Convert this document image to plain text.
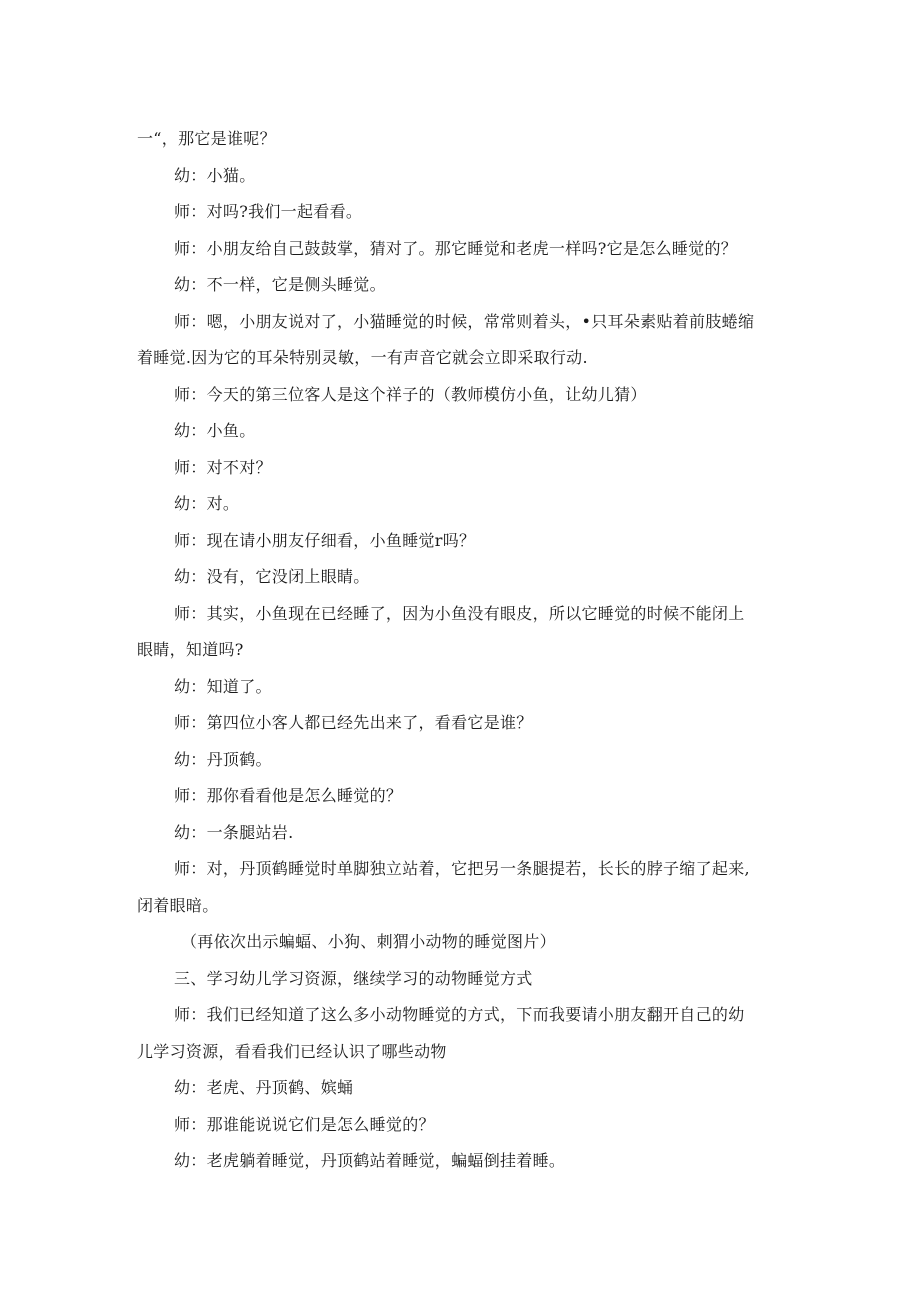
一“，那它是谁呢？
幼：小猫。
师：对吗?我们一起看看。
师：小朋友给自己鼓鼓掌，猜对了。那它睡觉和老虎一样吗?它是怎么睡觉的？
幼：不一样，它是侧头睡觉。
师：嗯，小朋友说对了，小猫睡觉的时候，常常则着头，•只耳朵素贴着前肢蜷缩
着睡觉.因为它的耳朵特别灵敏，一有声音它就会立即采取行动.
师：今天的第三位客人是这个祥子的（教师模仿小鱼，让幼儿猜）
幼：小鱼。
师：对不对？
幼：对。
师：现在请小朋友仔细看，小鱼睡觉r吗？
幼：没有，它没闭上眼睛。
师：其实，小鱼现在已经睡了，因为小鱼没有眼皮，所以它睡觉的时候不能闭上
眼睛，知道吗?
幼：知道了。
师：第四位小客人都已经先出来了，看看它是谁？
幼：丹顶鹤。
师：那你看看他是怎么睡觉的？
幼：一条腿站岩.
师：对，丹顶鹤睡觉时单脚独立站着，它把另一条腿提若，长长的脖子缩了起来,
闭着眼暗。
（再依次出示蝙蝠、小狗、刺猬小动物的睡觉图片）
三、学习幼儿学习资源，继续学习的动物睡觉方式
师：我们已经知道了这么多小动物睡觉的方式，下而我要请小朋友翻开自己的幼
儿学习资源，看看我们已经认识了哪些动物
幼：老虎、丹顶鹤、嫔蛹
师：那谁能说说它们是怎么睡觉的？
幼：老虎躺着睡觉，丹顶鹤站着睡觉，蝙蝠倒挂着睡。
